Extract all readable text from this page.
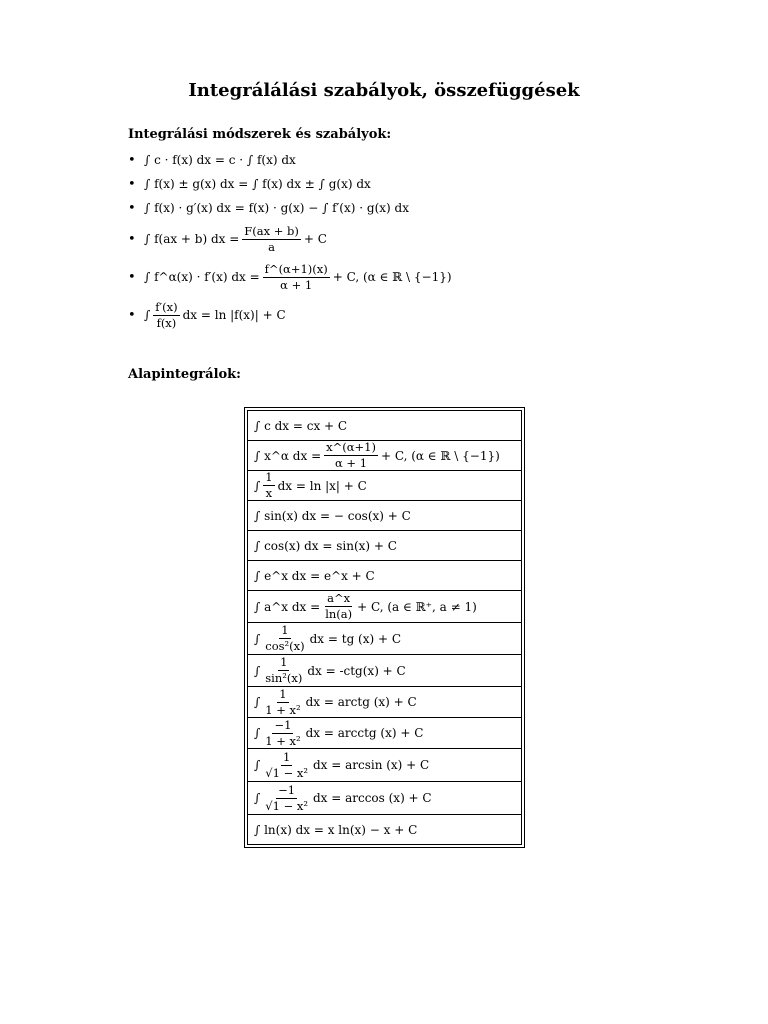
Integrálálási szabályok, összefüggések
Integrálási módszerek és szabályok:
• ∫ c · f(x) dx = c · ∫ f(x) dx
• ∫ f(x) ± g(x) dx = ∫ f(x) dx ± ∫ g(x) dx
• ∫ f(x) · g′(x) dx = f(x) · g(x) − ∫ f′(x) · g(x) dx
• ∫ f(ax + b) dx = $\frac{F(ax + b)}{a} + C$
• ∫ f^α(x) · f′(x) dx = $\frac{f\^{}(\alpha+1)(x)}{\alpha + 1} + C$, (α ∈ ℝ \ {−1})
• ∫ $\frac{f'(x)}{f(x)}$ dx = ln |f(x)| + C
Alapintegrálok:
∫ c dx = cx + C

∫ x^α dx = $\frac{x\^{}(\alpha+1)}{\alpha + 1} + C$, (α ∈ ℝ \ {−1})

∫ $\frac{1}{x}$ dx = ln |x| + C

∫ sin(x) dx = − cos(x) + C
∫ cos(x) dx = sin(x) + C
∫ e^x dx = e^x + C

∫ a^x dx = $\frac{a\^{}x}{\ln(a)} + C$, (a ∈ ℝ⁺, a ≠ 1)

∫ $\frac{1}{\text{cos²(x)}}$ dx = tg (x) + C

∫ $\frac{1}{\text{sin²(x)}}$ dx = -ctg(x) + C

∫ $\frac{1}{\text{1 + x²}}$ dx = arctg (x) + C

∫ $\frac{-1}{\text{1 + x²}}$ dx = arcctg (x) + C

∫ $\frac{1}{\text{√1 − x²}}$ dx = arcsin (x) + C

∫ $\frac{-1}{\text{√1 − x²}}$ dx = arccos (x) + C

∫ ln(x) dx = x ln(x) − x + C
